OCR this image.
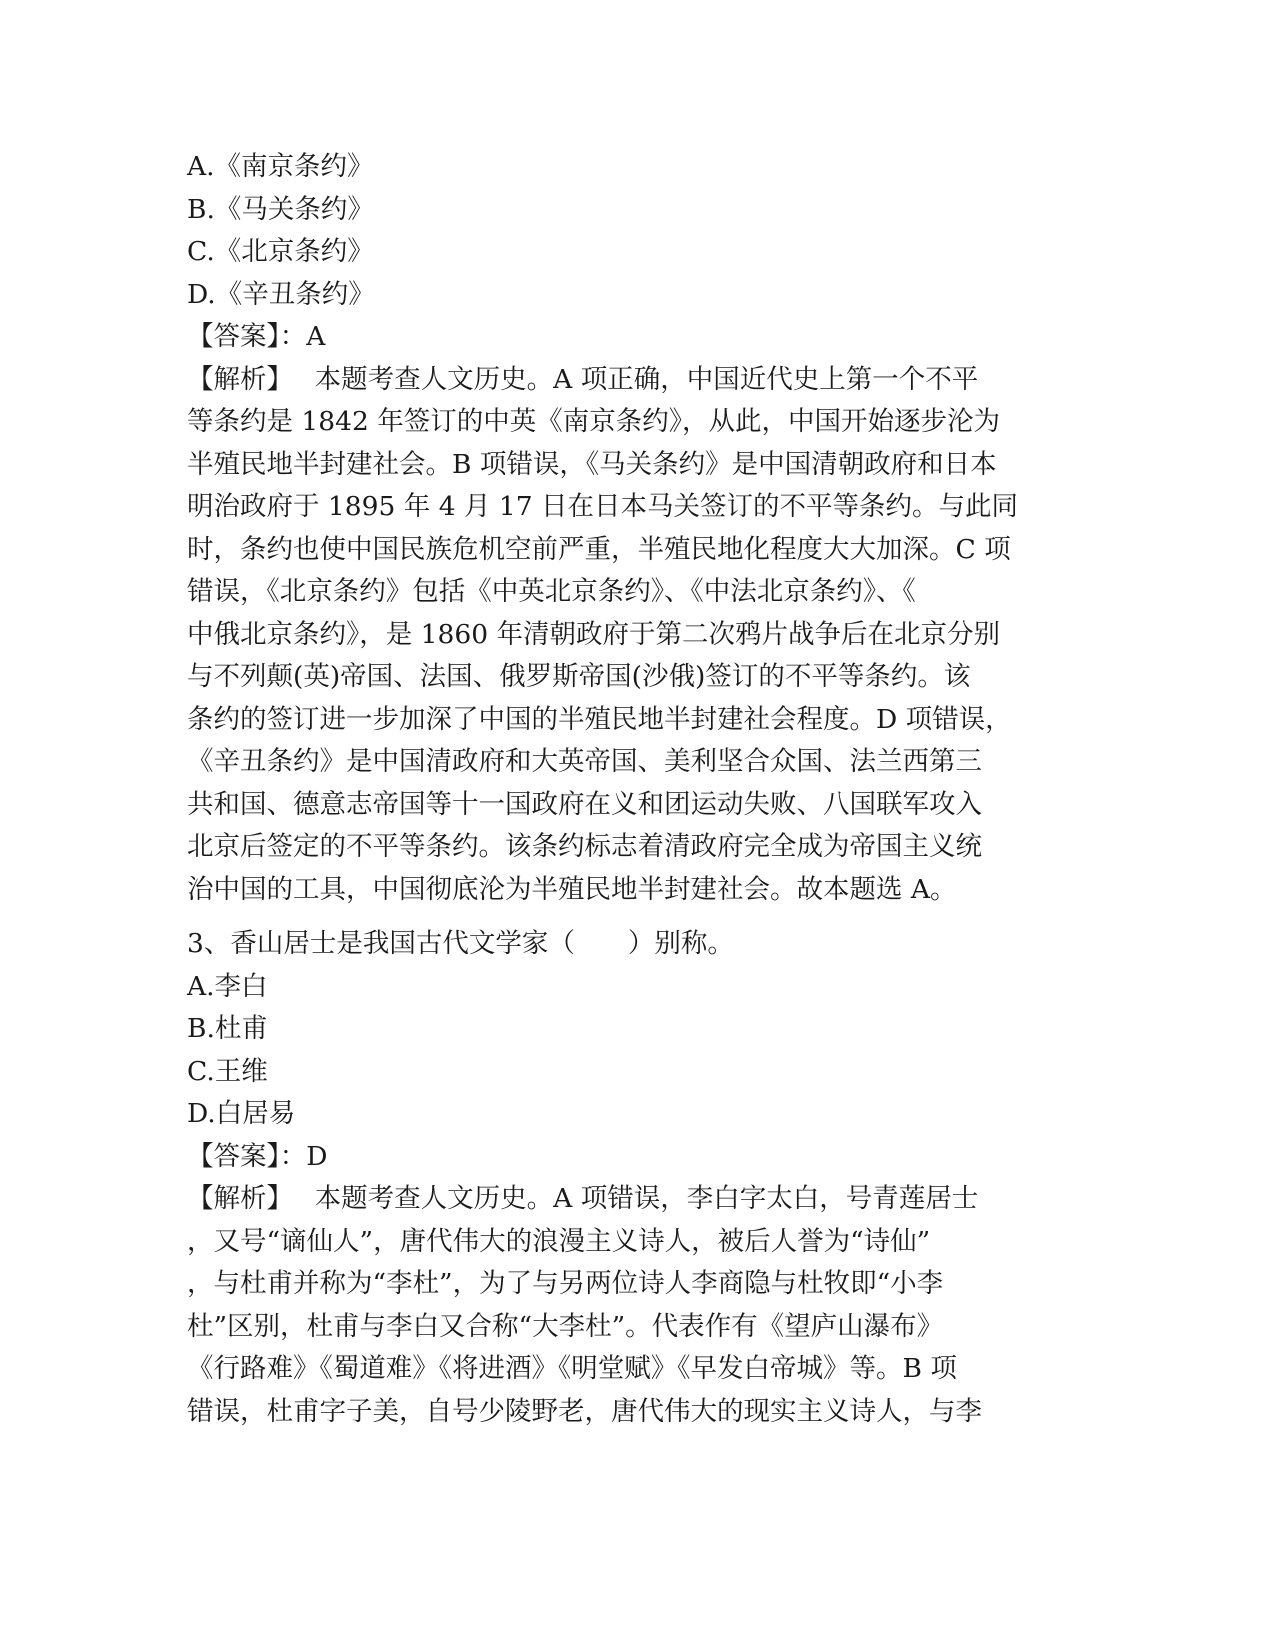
A.《南京条约》
B.《马关条约》
C.《北京条约》
D.《辛丑条约》
【答案】：A
【解析】　 本题考查人文历史。A 项正确，中国近代史上第一个不平
等条约是 1842 年签订的中英《南京条约》，从此，中国开始逐步沦为
半殖民地半封建社会。B 项错误，《马关条约》是中国清朝政府和日本
明治政府于 1895 年 4 月 17 日在日本马关签订的不平等条约。与此同
时，条约也使中国民族危机空前严重，半殖民地化程度大大加深。C 项
错误，《北京条约》包括《中英北京条约》、《中法北京条约》、《
中俄北京条约》，是 1860 年清朝政府于第二次鸦片战争后在北京分别
与不列颠(英)帝国、法国、俄罗斯帝国(沙俄)签订的不平等条约。该
条约的签订进一步加深了中国的半殖民地半封建社会程度。D 项错误，
《辛丑条约》是中国清政府和大英帝国、美利坚合众国、法兰西第三
共和国、德意志帝国等十一国政府在义和团运动失败、八国联军攻入
北京后签定的不平等条约。该条约标志着清政府完全成为帝国主义统
治中国的工具，中国彻底沦为半殖民地半封建社会。故本题选 A。
3、香山居士是我国古代文学家（　　）别称。
A.李白
B.杜甫
C.王维
D.白居易
【答案】：D
【解析】　 本题考查人文历史。A 项错误，李白字太白，号青莲居士
，又号“谪仙人”，唐代伟大的浪漫主义诗人，被后人誉为“诗仙”
，与杜甫并称为“李杜”，为了与另两位诗人李商隐与杜牧即“小李
杜”区别，杜甫与李白又合称“大李杜”。代表作有《望庐山瀑布》
《行路难》《蜀道难》《将进酒》《明堂赋》《早发白帝城》等。B 项
错误，杜甫字子美，自号少陵野老，唐代伟大的现实主义诗人，与李
